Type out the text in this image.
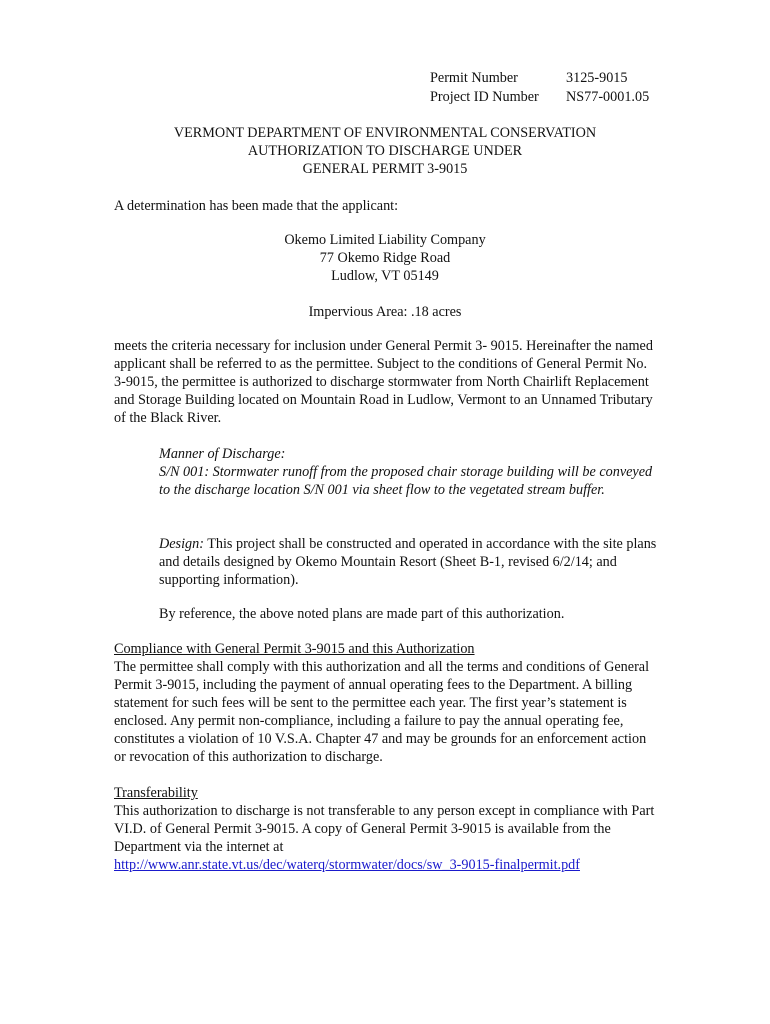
Permit Number	3125-9015
Project ID Number	NS77-0001.05
VERMONT DEPARTMENT OF ENVIRONMENTAL CONSERVATION
AUTHORIZATION TO DISCHARGE UNDER
GENERAL PERMIT 3-9015

A determination has been made that the applicant:

Okemo Limited Liability Company
77 Okemo Ridge Road
Ludlow, VT 05149

Impervious Area: .18 acres

meets the criteria necessary for inclusion under General Permit 3- 9015. Hereinafter the named applicant shall be referred to as the permittee. Subject to the conditions of General Permit No. 3-9015, the permittee is authorized to discharge stormwater from North Chairlift Replacement and Storage Building located on Mountain Road in Ludlow, Vermont to an Unnamed Tributary of the Black River.

Manner of Discharge:

S/N 001: Stormwater runoff from the proposed chair storage building will be conveyed to the discharge location S/N 001 via sheet flow to the vegetated stream buffer.

Design: This project shall be constructed and operated in accordance with the site plans and details designed by Okemo Mountain Resort (Sheet B-1, revised 6/2/14; and supporting information).

By reference, the above noted plans are made part of this authorization.

Compliance with General Permit 3-9015 and this Authorization

The permittee shall comply with this authorization and all the terms and conditions of General Permit 3-9015, including the payment of annual operating fees to the Department. A billing statement for such fees will be sent to the permittee each year. The first year’s statement is enclosed. Any permit non-compliance, including a failure to pay the annual operating fee, constitutes a violation of 10 V.S.A. Chapter 47 and may be grounds for an enforcement action or revocation of this authorization to discharge.

Transferability

This authorization to discharge is not transferable to any person except in compliance with Part VI.D. of General Permit 3-9015. A copy of General Permit 3-9015 is available from the Department via the internet at

http://www.anr.state.vt.us/dec/waterq/stormwater/docs/sw_3-9015-finalpermit.pdf
